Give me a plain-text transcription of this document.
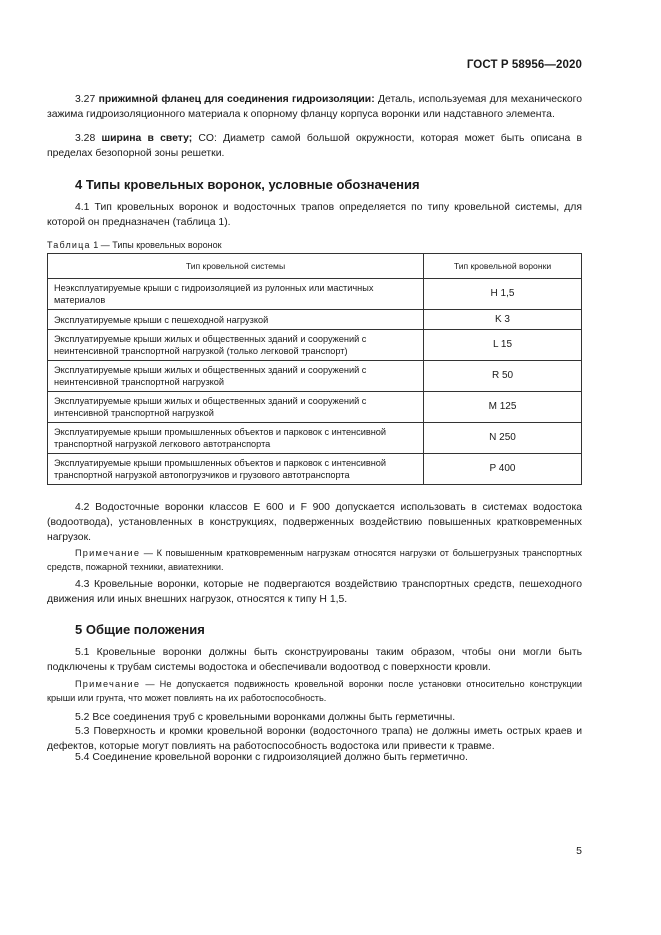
ГОСТ Р 58956—2020

3.27 прижимной фланец для соединения гидроизоляции: Деталь, используемая для механического зажима гидроизоляционного материала к опорному фланцу корпуса воронки или надставного элемента.

3.28 ширина в свету; CO: Диаметр самой большой окружности, которая может быть описана в пределах безопорной зоны решетки.

4 Типы кровельных воронок, условные обозначения
4.1 Тип кровельных воронок и водосточных трапов определяется по типу кровельной системы, для которой он предназначен (таблица 1).
Таблица 1 — Типы кровельных воронок
Тип кровельной системы	Тип кровельной воронки
Неэксплуатируемые крыши с гидроизоляцией из рулонных или мастичных материалов	H 1,5
Эксплуатируемые крыши с пешеходной нагрузкой	K 3
Эксплуатируемые крыши жилых и общественных зданий и сооружений с неинтенсивной транспортной нагрузкой (только легковой транспорт)	L 15
Эксплуатируемые крыши жилых и общественных зданий и сооружений с неинтенсивной транспортной нагрузкой	R 50
Эксплуатируемые крыши жилых и общественных зданий и сооружений с интенсивной транспортной нагрузкой	M 125
Эксплуатируемые крыши промышленных объектов и парковок с интенсивной транспортной нагрузкой легкового автотранспорта	N 250
Эксплуатируемые крыши промышленных объектов и парковок с интенсивной транспортной нагрузкой автопогрузчиков и грузового автотранспорта	P 400
4.2 Водосточные воронки классов E 600 и F 900 допускается использовать в системах водостока (водоотвода), установленных в конструкциях, подверженных воздействию повышенных кратковременных нагрузок.
Примечание — К повышенным кратковременным нагрузкам относятся нагрузки от большегрузных транспортных средств, пожарной техники, авиатехники.
4.3 Кровельные воронки, которые не подвергаются воздействию транспортных средств, пешеходного движения или иных внешних нагрузок, относятся к типу H 1,5.
5 Общие положения
5.1 Кровельные воронки должны быть сконструированы таким образом, чтобы они могли быть подключены к трубам системы водостока и обеспечивали водоотвод с поверхности кровли.
Примечание — Не допускается подвижность кровельной воронки после установки относительно конструкции крыши или грунта, что может повлиять на их работоспособность.
5.2 Все соединения труб с кровельными воронками должны быть герметичны.
5.3 Поверхность и кромки кровельной воронки (водосточного трапа) не должны иметь острых краев и дефектов, которые могут повлиять на работоспособность водостока или привести к травме.
5.4 Соединение кровельной воронки с гидроизоляцией должно быть герметично.
5
